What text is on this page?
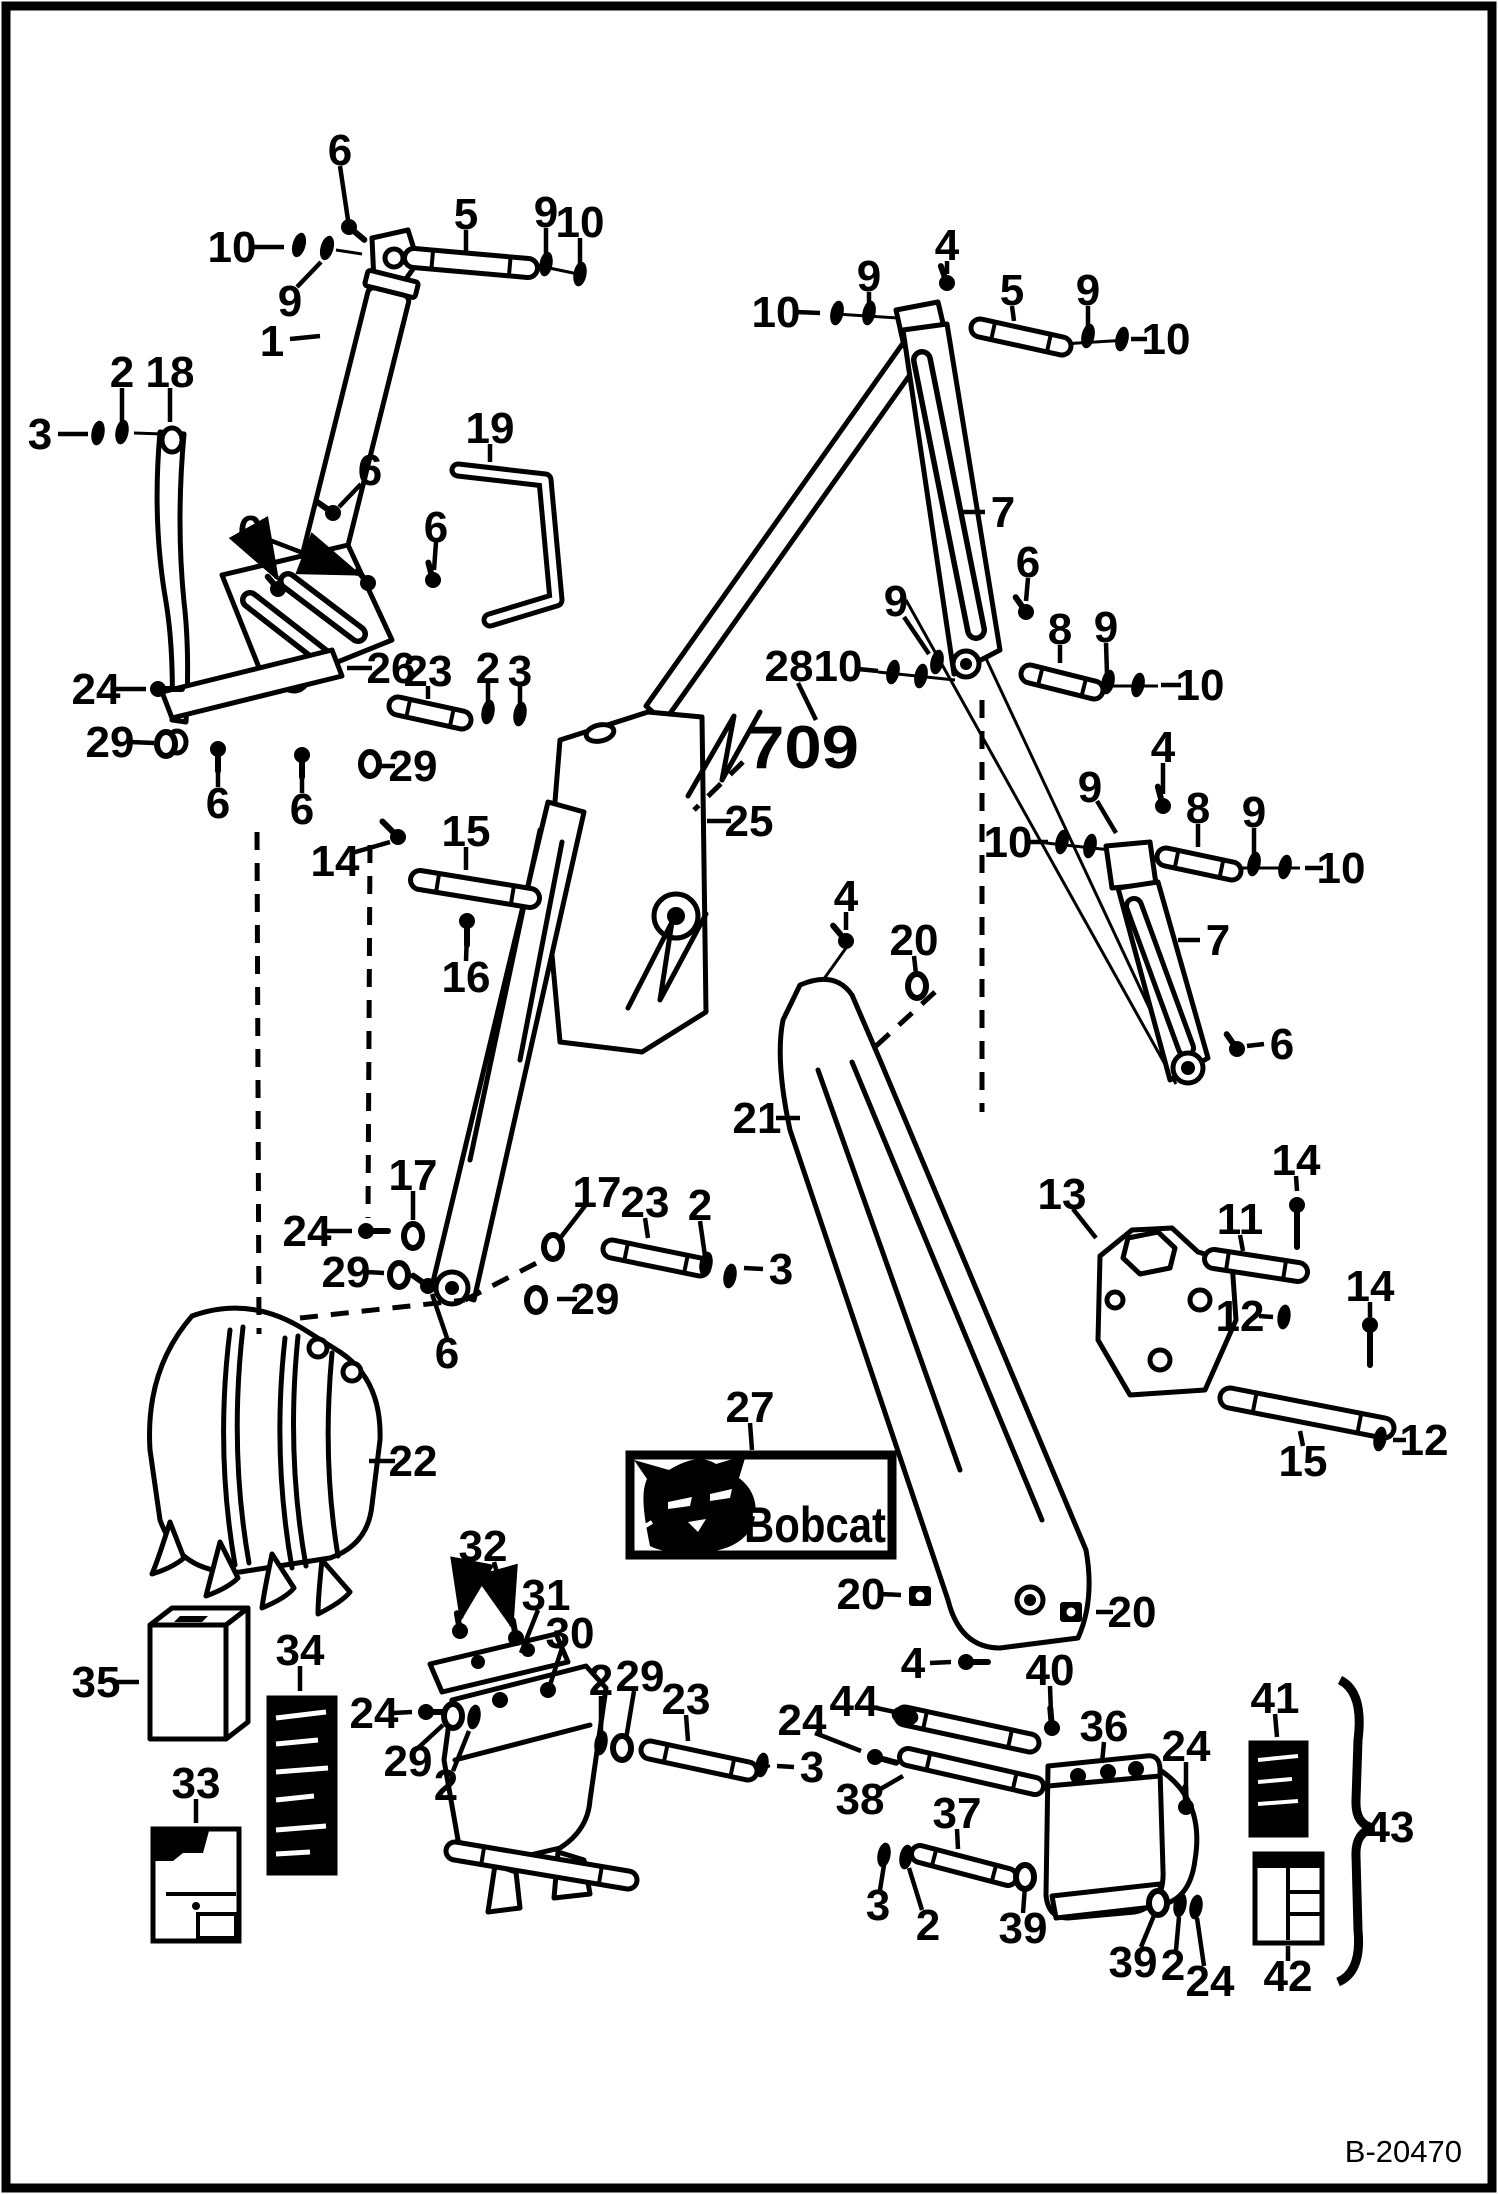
Bobcat
709
B-20470
6
10
9
1
5 9
10
2 18
3	19
6
6	6
26
23 2 3
24
29
6 6
29
15
14
16
25
28 10
9
4
20
21
17
24
29
17 23 2
3
29
6
27
22
4
9
10	5 9
10
7
6
8 9
10
4
9
10
8 9
10
7
6
13
11
14
12
14
15 12
20	20
4
35
34
33
32
31
30
24
29 2
2 29
23
3
24 44
38 37
3 2 39
36
40
24
41
43
42
39 2 24
